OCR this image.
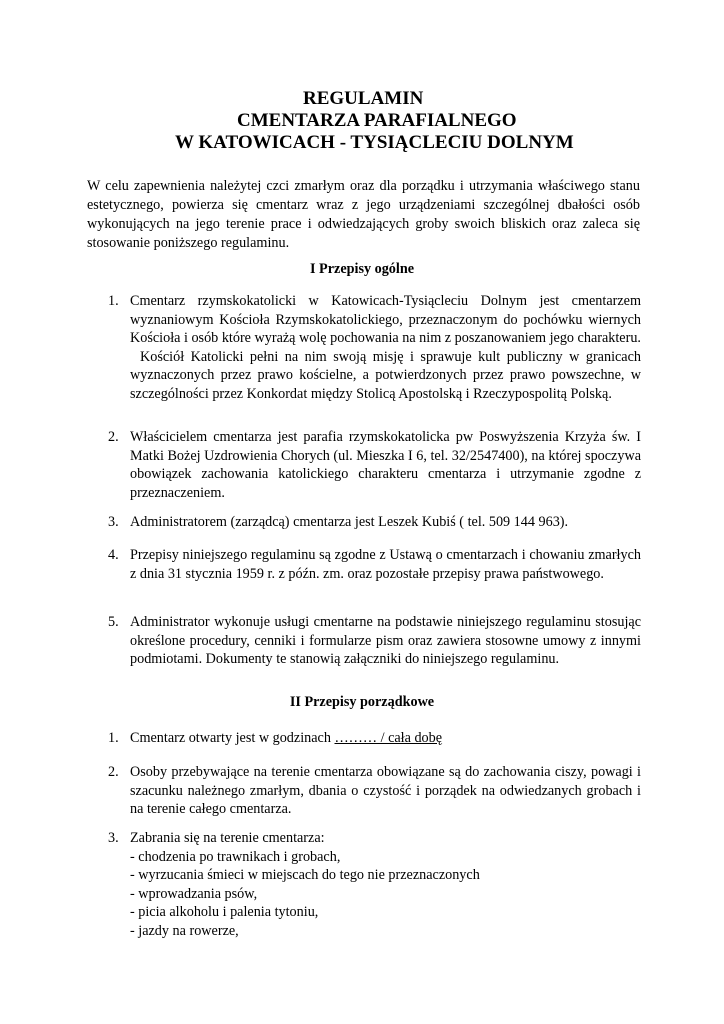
REGULAMIN
CMENTARZA PARAFIALNEGO
W KATOWICACH - TYSIĄCLECIU DOLNYM
W celu zapewnienia należytej czci zmarłym oraz dla porządku i utrzymania właściwego stanu estetycznego, powierza się cmentarz wraz z jego urządzeniami szczególnej dbałości osób wykonujących na jego terenie prace i odwiedzających groby swoich bliskich oraz zaleca się stosowanie poniższego regulaminu.
I Przepisy ogólne
1. Cmentarz rzymskokatolicki w Katowicach-Tysiącleciu Dolnym jest cmentarzem wyznaniowym Kościoła Rzymskokatolickiego, przeznaczonym do pochówku wiernych Kościoła i osób które wyrażą wolę pochowania na nim z poszanowaniem jego charakteru.

Kościół Katolicki pełni na nim swoją misję i sprawuje kult publiczny w granicach wyznaczonych przez prawo kościelne, a potwierdzonych przez prawo powszechne, w szczególności przez Konkordat między Stolicą Apostolską i Rzeczypospolitą Polską.

2. Właścicielem cmentarza jest parafia rzymskokatolicka pw Poswyższenia Krzyża św. I Matki Bożej Uzdrowienia Chorych (ul. Mieszka I 6, tel. 32/2547400), na której spoczywa obowiązek zachowania katolickiego charakteru cmentarza i utrzymanie zgodne z przeznaczeniem.

3. Administratorem (zarządcą) cmentarza jest Leszek Kubiś ( tel. 509 144 963).

4. Przepisy niniejszego regulaminu są zgodne z Ustawą o cmentarzach i chowaniu zmarłych z dnia 31 stycznia 1959 r. z późn. zm. oraz pozostałe przepisy prawa państwowego.

5. Administrator wykonuje usługi cmentarne na podstawie niniejszego regulaminu stosując określone procedury, cenniki i formularze pism oraz zawiera stosowne umowy z innymi podmiotami. Dokumenty te stanowią załączniki do niniejszego regulaminu.

II Przepisy porządkowe
1. Cmentarz otwarty jest w godzinach ……… / cała dobę

2. Osoby przebywające na terenie cmentarza obowiązane są do zachowania ciszy, powagi i szacunku należnego zmarłym, dbania o czystość i porządek na odwiedzanych grobach i na terenie całego cmentarza.

3. Zabrania się na terenie cmentarza:

- chodzenia po trawnikach i grobach,
- wyrzucania śmieci w miejscach do tego nie przeznaczonych
- wprowadzania psów,
- picia alkoholu i palenia tytoniu,
- jazdy na rowerze,
